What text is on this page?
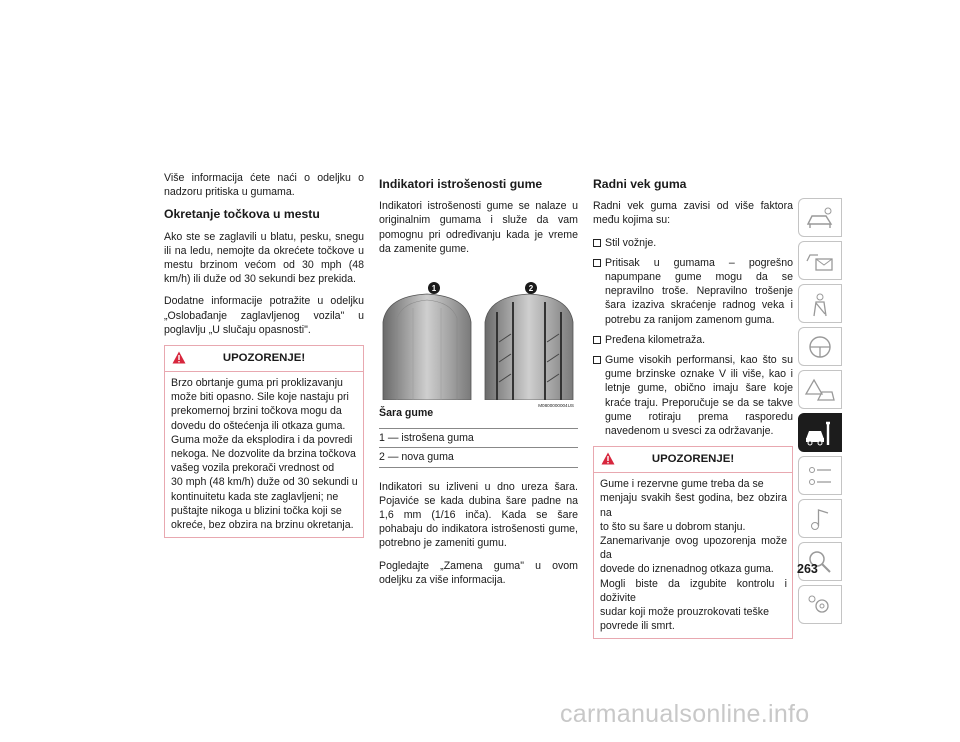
Više informacija ćete naći o odeljku o nadzoru pritiska u gumama.

Okretanje točkova u mestu

Ako ste se zaglavili u blatu, pesku, snegu ili na ledu, nemojte da okrećete točkove u mestu brzinom većom od 30 mph (48 km/h) ili duže od 30 sekundi bez prekida.

Dodatne informacije potražite u odeljku „Oslobađanje zaglavljenog vozila" u poglavlju „U slučaju opasnosti".

UPOZORENJE!
Brzo obrtanje guma pri proklizavanju
može biti opasno. Sile koje nastaju pri
prekomernoj brzini točkova mogu da
dovedu do oštećenja ili otkaza guma.
Guma može da eksplodira i da povredi
nekoga. Ne dozvolite da brzina točkova
vašeg vozila prekorači vrednost od
30 mph (48 km/h) duže od 30 sekundi u
kontinuitetu kada ste zaglavljeni; ne
puštajte nikoga u blizini točka koji se
okreće, bez obzira na brzinu okretanja.
Indikatori istrošenosti gume

Indikatori istrošenosti gume se nalaze u originalnim gumama i služe da vam pomognu pri određivanju kada je vreme da zamenite gume.

1	2
M0800000004US

Šara gume

1 — istrošena guma
2 — nova guma

Indikatori su izliveni u dno ureza šara. Pojaviće se kada dubina šare padne na 1,6 mm (1/16 inča). Kada se šare pohabaju do indikatora istrošenosti gume, potrebno je zameniti gumu.

Pogledajte „Zamena guma" u ovom odeljku za više informacija.

Radni vek guma

Radni vek guma zavisi od više faktora među kojima su:

Stil vožnje.
Pritisak u gumama – pogrešno napumpane gume mogu da se nepravilno troše. Nepravilno trošenje šara izaziva skraćenje radnog veka i potrebu za ranijom zamenom guma.
Pređena kilometraža.
Gume visokih performansi, kao što su gume brzinske oznake V ili više, kao i letnje gume, obično imaju šare koje kraće traju. Preporučuje se da se takve gume rotiraju prema rasporedu navedenom u svesci za održavanje.
UPOZORENJE!
Gume i rezervne gume treba da se
menjaju svakih šest godina, bez obzira na
to što su šare u dobrom stanju.
Zanemarivanje ovog upozorenja može da
dovede do iznenadnog otkaza guma.
Mogli biste da izgubite kontrolu i doživite
sudar koji može prouzrokovati teške
povrede ili smrt.
263
carmanualsonline.info
